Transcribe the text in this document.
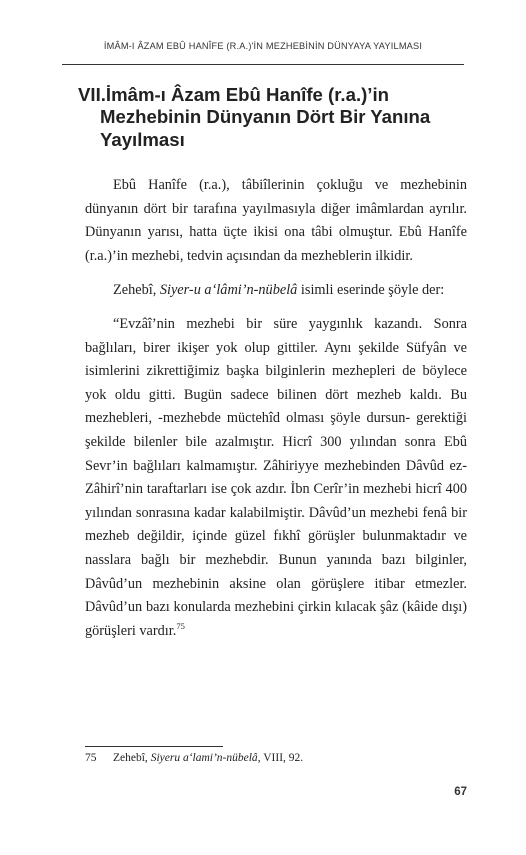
İMÂM-I ÂZAM EBÛ HANÎFE (R.A.)'İN MEZHEBİNİN DÜNYAYA YAYILMASI
VII.İmâm-ı Âzam Ebû Hanîfe (r.a.)’in
Mezhebinin Dünyanın Dört Bir Yanına
Yayılması

Ebû Hanîfe (r.a.), tâbiîlerinin çokluğu ve mezhebinin dünyanın dört bir tarafına yayılmasıyla diğer imâmlardan ayrılır. Dünyanın yarısı, hatta üçte ikisi ona tâbi olmuştur. Ebû Hanîfe (r.a.)’in mezhebi, tedvin açısından da mezheblerin ilkidir.

Zehebî, Siyer-u a‘lâmi’n-nübelâ isimli eserinde şöyle der:

“Evzâî’nin mezhebi bir süre yaygınlık kazandı. Sonra bağlıları, birer ikişer yok olup gittiler. Aynı şekilde Süfyân ve isimlerini zikrettiğimiz başka bilginlerin mezhepleri de böylece yok oldu gitti. Bugün sadece bilinen dört mezheb kaldı. Bu mezhebleri, -mezhebde müctehîd olması şöyle dursun- gerektiği şekilde bilenler bile azalmıştır. Hicrî 300 yılından sonra Ebû Sevr’in bağlıları kalmamıştır. Zâhiriyye mezhebinden Dâvûd ez-Zâhirî’nin taraftarları ise çok azdır. İbn Cerîr’in mezhebi hicrî 400 yılından sonrasına kadar kalabilmiştir. Dâvûd’un mezhebi fenâ bir mezheb değildir, içinde güzel fıkhî görüşler bulunmaktadır ve nasslara bağlı bir mezhebdir. Bunun yanında bazı bilginler, Dâvûd’un mezhebinin aksine olan görüşlere itibar etmezler. Dâvûd’un bazı konularda mezhebini çirkin kılacak şâz (kâide dışı) görüşleri vardır.$^{75}$

75 Zehebî, Siyeru a‘lami’n-nübelâ, VIII, 92.
67
